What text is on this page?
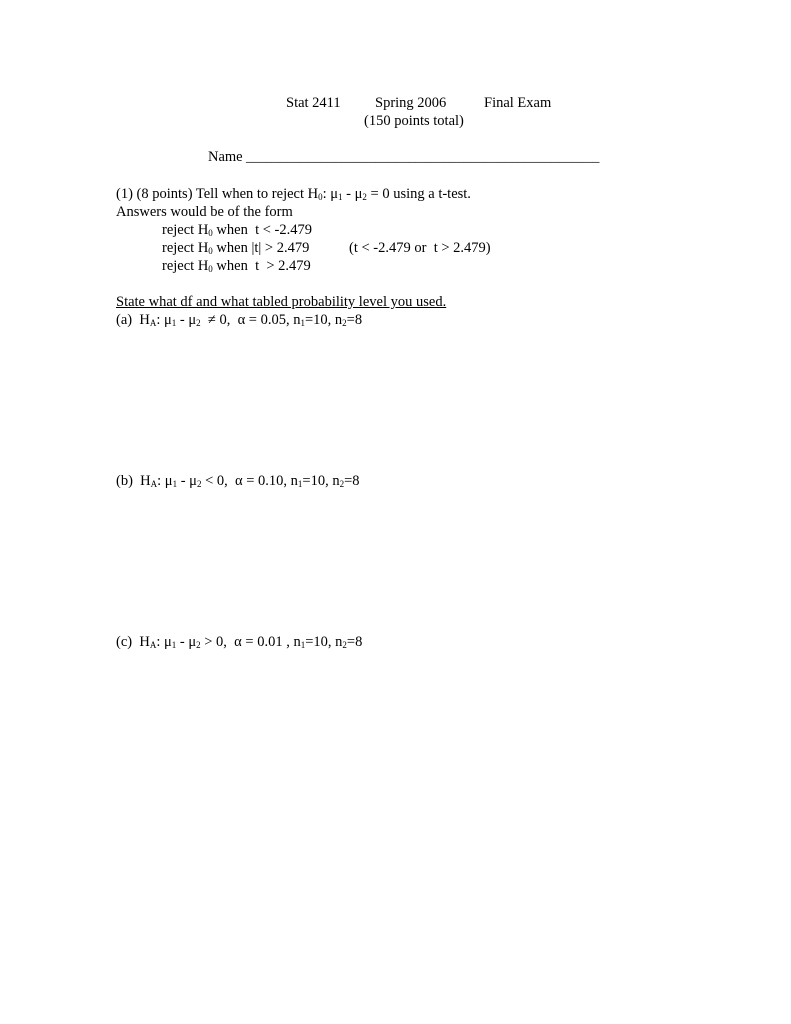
Stat 2411 Spring 2006	Final Exam
(150 points total)
Name ____________________________________________________
(1) (8 points) Tell when to reject $H_0$: $\mu_1 - \mu_2 = 0$ using a t-test.
Answers would be of the form
reject $H_0$ when  t < -2.479
reject $H_0$ when |t| > 2.479	(t < -2.479 or  t > 2.479)
reject $H_0$ when  t  > 2.479
State what df and what tabled probability level you used.
(a) $H_A$: $\mu_1 - \mu_2 \ne 0$,  α = 0.05, $n_1=10$, $n_2=8$
(b) $H_A$: $\mu_1 - \mu_2 < 0$,  α = 0.10, $n_1=10$, $n_2=8$
(c) $H_A$: $\mu_1 - \mu_2 > 0$,  α = 0.01 , $n_1=10$, $n_2=8$
